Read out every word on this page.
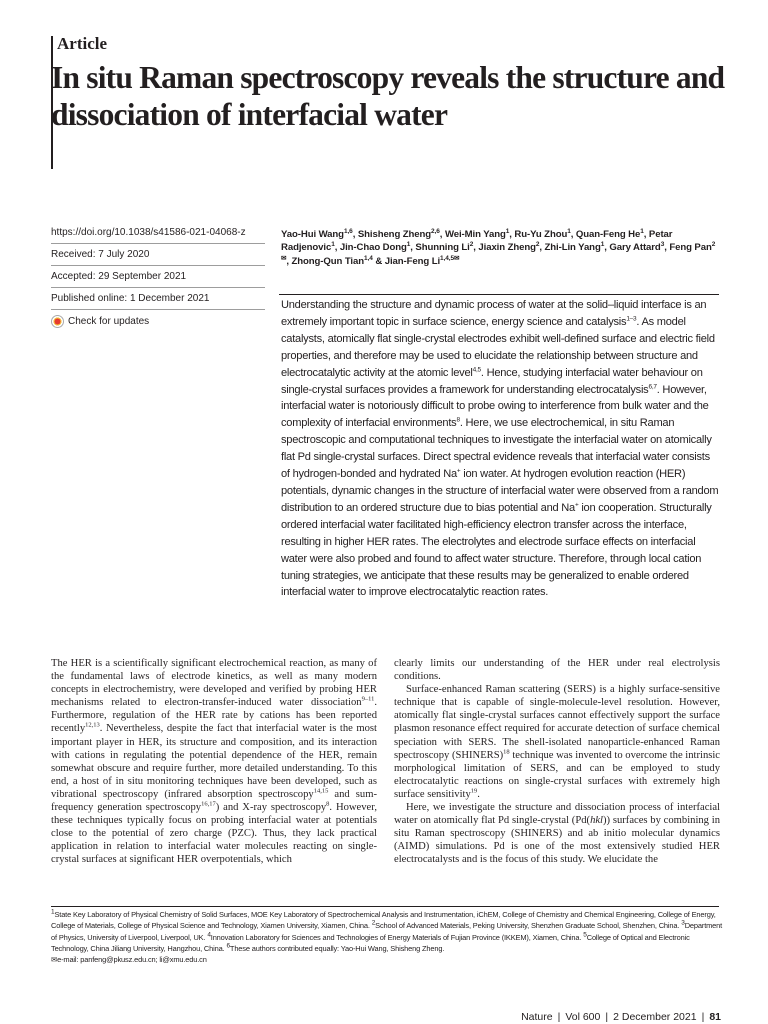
Article
In situ Raman spectroscopy reveals the structure and dissociation of interfacial water
https://doi.org/10.1038/s41586-021-04068-z
Received: 7 July 2020
Accepted: 29 September 2021
Published online: 1 December 2021
Check for updates
Yao-Hui Wang$^{1,6}$, Shisheng Zheng$^{2,6}$, Wei-Min Yang$^1$, Ru-Yu Zhou$^1$, Quan-Feng He$^1$, Petar Radjenovic$^1$, Jin-Chao Dong$^1$, Shunning Li$^2$, Jiaxin Zheng$^2$, Zhi-Lin Yang$^1$, Gary Attard$^3$, Feng Pan$^{2✉}$, Zhong-Qun Tian$^{1,4}$ & Jian-Feng $Li^{1,4,5✉}$

Understanding the structure and dynamic process of water at the solid–liquid interface is an extremely important topic in surface science, energy science and catalysis$^{1-3}$. As model catalysts, atomically flat single-crystal electrodes exhibit well-defined surface and electric field properties, and therefore may be used to elucidate the relationship between structure and electrocatalytic activity at the atomic level$^{4,5}$. Hence, studying interfacial water behaviour on single-crystal surfaces provides a framework for understanding electrocatalysis$^{6,7}$. However, interfacial water is notoriously difficult to probe owing to interference from bulk water and the complexity of interfacial environments$^8$. Here, we use electrochemical, in situ Raman spectroscopic and computational techniques to investigate the interfacial water on atomically flat Pd single-crystal surfaces. Direct spectral evidence reveals that interfacial water consists of hydrogen-bonded and hydrated Na+ ion water. At hydrogen evolution reaction (HER) potentials, dynamic changes in the structure of interfacial water were observed from a random distribution to an ordered structure due to bias potential and Na+ ion cooperation. Structurally ordered interfacial water facilitated high-efficiency electron transfer across the interface, resulting in higher HER rates. The electrolytes and electrode surface effects on interfacial water were also probed and found to affect water structure. Therefore, through local cation tuning strategies, we anticipate that these results may be generalized to enable ordered interfacial water to improve electrocatalytic reaction rates.

The HER is a scientifically significant electrochemical reaction, as many of the fundamental laws of electrode kinetics, as well as many modern concepts in electrochemistry, were developed and verified by probing HER mechanisms related to electron-transfer-induced water dissociation$^{9-11}$. Furthermore, regulation of the HER rate by cations has been reported recently$^{12,13}$. Nevertheless, despite the fact that interfacial water is the most important player in HER, its structure and composition, and its interaction with cations in regulating the potential dependence of the HER, remain somewhat obscure and require further, more detailed understanding. To this end, a host of in situ monitoring techniques have been developed, such as vibrational spectroscopy (infrared absorption spectroscopy$^{14,15}$ and sum-frequency generation spectroscopy$^{16,17}$) and X-ray spectroscopy$^8$. However, these techniques typically focus on probing interfacial water at potentials close to the potential of zero charge (PZC). Thus, they lack practical application in relation to interfacial water molecules reacting on single-crystal surfaces at significant HER overpotentials, which

clearly limits our understanding of the HER under real electrolysis conditions.

Surface-enhanced Raman scattering (SERS) is a highly surface-sensitive technique that is capable of single-molecule-level resolution. However, atomically flat single-crystal surfaces cannot effectively support the surface plasmon resonance effect required for accurate detection of surface chemical speciation with SERS. The shell-isolated nanoparticle-enhanced Raman spectroscopy (SHINERS)$^{18}$ technique was invented to overcome the intrinsic morphological limitation of SERS, and can be employed to study electrocatalytic reactions on single-crystal surfaces with extremely high surface sensitivity$^{19}$.

Here, we investigate the structure and dissociation process of interfacial water on atomically flat Pd single-crystal (Pd(hkl)) surfaces by combining in situ Raman spectroscopy (SHINERS) and ab initio molecular dynamics (AIMD) simulations. Pd is one of the most extensively studied HER electrocatalysts and is the focus of this study. We elucidate the

$^1$State Key Laboratory of Physical Chemistry of Solid Surfaces, MOE Key Laboratory of Spectrochemical Analysis and Instrumentation, iChEM, College of Chemistry and Chemical Engineering, College of Energy, College of Materials, College of Physical Science and Technology, Xiamen University, Xiamen, China. $^2$School of Advanced Materials, Peking University, Shenzhen Graduate School, Shenzhen, China. $^3$Department of Physics, University of Liverpool, Liverpool, UK. $^4$Innovation Laboratory for Sciences and Technologies of Energy Materials of Fujian Province (IKKEM), Xiamen, China. $^5$College of Optical and Electronic Technology, China Jiliang University, Hangzhou, China. $^6$These authors contributed equally: Yao-Hui Wang, Shisheng Zheng.

✉e-mail: panfeng@pkusz.edu.cn; li@xmu.edu.cn

Nature | Vol 600 | 2 December 2021 | 81
